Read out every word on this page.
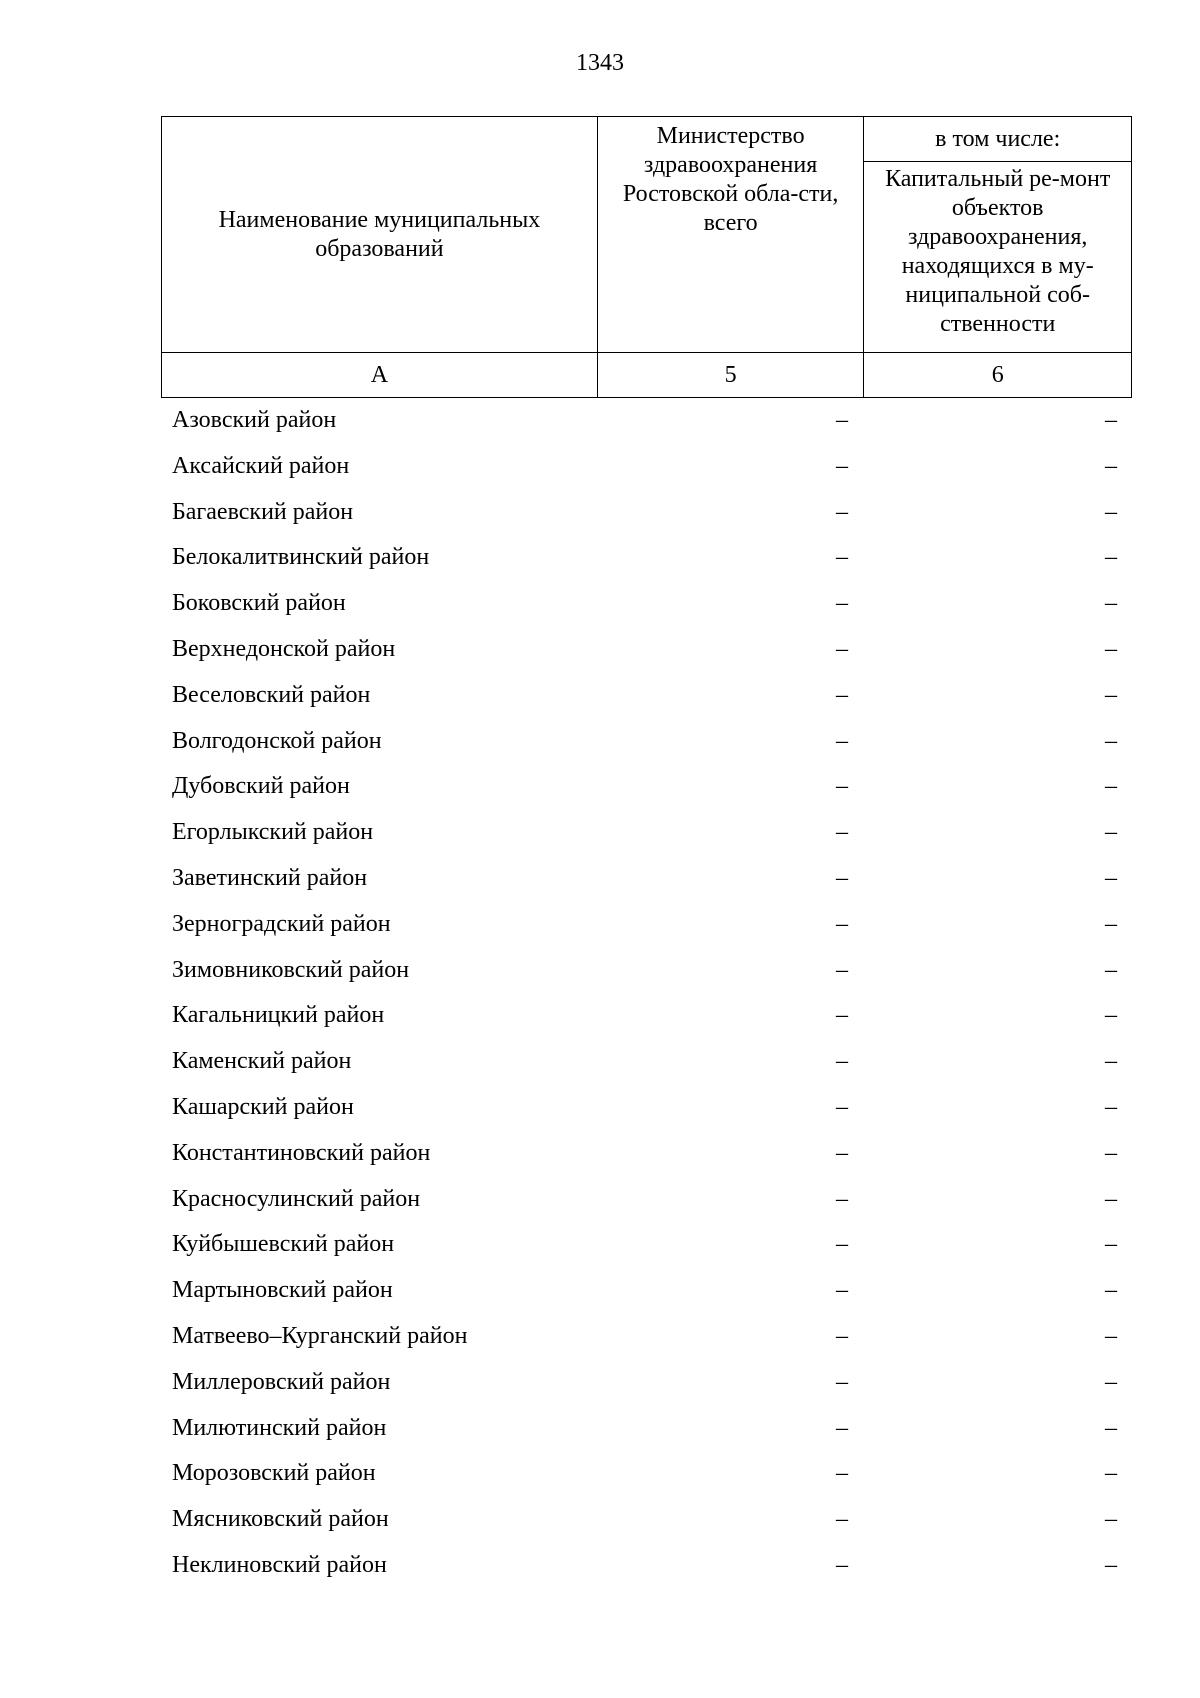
1343
Наименование муниципальных образований	Министерство здравоохранения Ростовской обла-сти, всего	в том числе:
		Капитальный ре-монт объектов здравоохранения, находящихся в му-ниципальной соб-ственности
А	5	6
Азовский район	–	–
Аксайский район	–	–
Багаевский район	–	–
Белокалитвинский район	–	–
Боковский район	–	–
Верхнедонской район	–	–
Веселовский район	–	–
Волгодонской район	–	–
Дубовский район	–	–
Егорлыкский район	–	–
Заветинский район	–	–
Зерноградский район	–	–
Зимовниковский район	–	–
Кагальницкий район	–	–
Каменский район	–	–
Кашарский район	–	–
Константиновский район	–	–
Красносулинский район	–	–
Куйбышевский район	–	–
Мартыновский район	–	–
Матвеево–Курганский район	–	–
Миллеровский район	–	–
Милютинский район	–	–
Морозовский район	–	–
Мясниковский район	–	–
Неклиновский район	–	–
